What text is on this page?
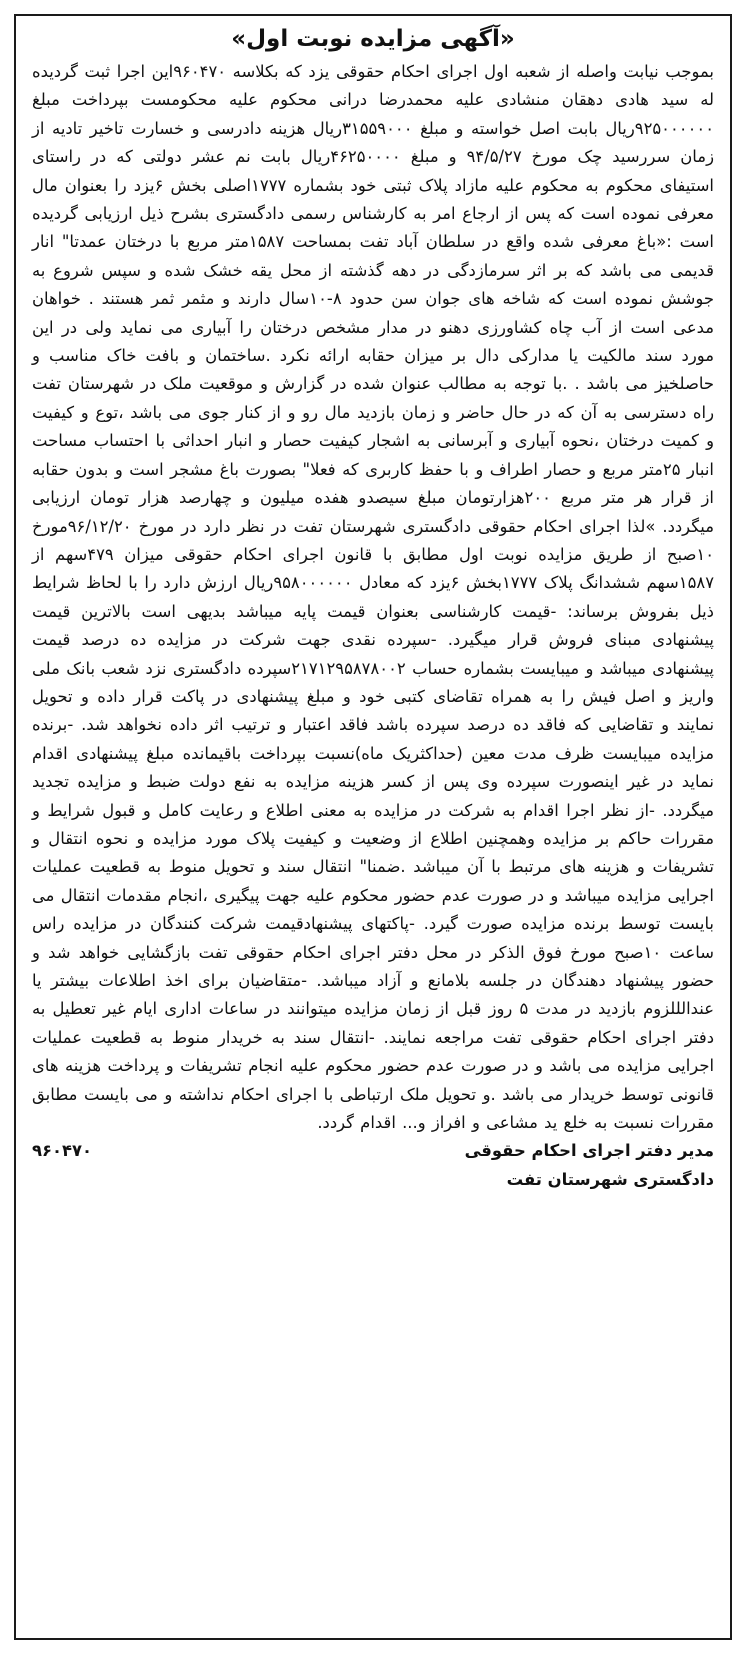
«آگهی مزایده نوبت اول»

بموجب نیابت واصله از شعبه اول اجرای احکام حقوقی یزد که بکلاسه ۹۶۰۴۷۰این اجرا ثبت گردیده له سید هادی دهقان منشادی علیه محمدرضا درانی محکوم علیه محکومست بپرداخت مبلغ ۹۲۵۰۰۰۰۰۰ریال بابت اصل خواسته و مبلغ ۳۱۵۵۹۰۰۰ریال هزینه دادرسی و خسارت تاخیر تادیه از زمان سررسید چک مورخ ۹۴/۵/۲۷ و مبلغ ۴۶۲۵۰۰۰۰ریال بابت نم عشر دولتی که در راستای استیفای محکوم به محکوم علیه مازاد پلاک ثبتی خود بشماره ۱۷۷۷اصلی بخش ۶یزد را بعنوان مال معرفی نموده است که پس از ارجاع امر به کارشناس رسمی دادگستری بشرح ذیل ارزیابی گردیده است :«باغ معرفی شده واقع در سلطان آباد تفت بمساحت ۱۵۸۷متر مربع با درختان عمدتا" انار قدیمی می باشد که بر اثر سرمازدگی در دهه گذشته از محل یقه خشک شده و سپس شروع به جوشش نموده است که شاخه های جوان سن حدود ۸-۱۰سال دارند و مثمر ثمر هستند . خواهان مدعی است از آب چاه کشاورزی دهنو در مدار مشخص درختان را آبیاری می نماید ولی در این مورد سند مالکیت یا مدارکی دال بر میزان حقابه ارائه نکرد .ساختمان و بافت خاک مناسب و حاصلخیز می باشد . .با توجه به مطالب عنوان شده در گزارش و موقعیت ملک در شهرستان تفت راه دسترسی به آن که در حال حاضر و زمان بازدید مال رو و از کنار جوی می باشد ،توع و کیفیت و کمیت درختان ،نحوه آبیاری و آبرسانی به اشجار کیفیت حصار و انبار احداثی با احتساب مساحت انبار ۲۵متر مربع و حصار اطراف و با حفظ کاربری که فعلا" بصورت باغ مشجر است و بدون حقابه از قرار هر متر مربع ۲۰۰هزارتومان مبلغ سیصدو هفده میلیون و چهارصد هزار تومان ارزیابی میگردد. »لذا اجرای احکام حقوقی دادگستری شهرستان تفت در نظر دارد در مورخ ۹۶/۱۲/۲۰مورخ ۱۰صبح از طریق مزایده نوبت اول مطابق با قانون اجرای احکام حقوقی میزان ۴۷۹سهم از ۱۵۸۷سهم ششدانگ پلاک ۱۷۷۷بخش ۶یزد که معادل ۹۵۸۰۰۰۰۰۰ریال ارزش دارد را با لحاظ شرایط ذیل بفروش برساند: -قیمت کارشناسی بعنوان قیمت پایه میباشد بدیهی است بالاترین قیمت پیشنهادی مبنای فروش قرار میگیرد. -سپرده نقدی جهت شرکت در مزایده ده درصد قیمت پیشنهادی میباشد و میبایست بشماره حساب ۲۱۷۱۲۹۵۸۷۸۰۰۲سپرده دادگستری نزد شعب بانک ملی واریز و اصل فیش را به همراه تقاضای کتبی خود و مبلغ پیشنهادی در پاکت قرار داده و تحویل نمایند و تقاضایی که فاقد ده درصد سپرده باشد فاقد اعتبار و ترتیب اثر داده نخواهد شد. -برنده مزایده میبایست ظرف مدت معین (حداکثریک ماه)نسبت بپرداخت باقیمانده مبلغ پیشنهادی اقدام نماید در غیر اینصورت سپرده وی پس از کسر هزینه مزایده به نفع دولت ضبط و مزایده تجدید میگردد. -از نظر اجرا اقدام به شرکت در مزایده به معنی اطلاع و رعایت کامل و قبول شرایط و مقررات حاکم بر مزایده وهمچنین اطلاع از وضعیت و کیفیت پلاک مورد مزایده و نحوه انتقال و تشریفات و هزینه های مرتبط با آن میباشد .ضمنا" انتقال سند و تحویل منوط به قطعیت عملیات اجرایی مزایده میباشد و در صورت عدم حضور محکوم علیه جهت پیگیری ،انجام مقدمات انتقال می بایست توسط برنده مزایده صورت گیرد. -پاکتهای پیشنهادقیمت شرکت کنندگان در مزایده راس ساعت ۱۰صبح مورخ فوق الذکر در محل دفتر اجرای احکام حقوقی تفت بازگشایی خواهد شد و حضور پیشنهاد دهندگان در جلسه بلامانع و آزاد میباشد. -متقاضیان برای اخذ اطلاعات بیشتر یا عندالللزوم بازدید در مدت ۵ روز قبل از زمان مزایده میتوانند در ساعات اداری ایام غیر تعطیل به دفتر اجرای احکام حقوقی تفت مراجعه نمایند. -انتقال سند به خریدار منوط به قطعیت عملیات اجرایی مزایده می باشد و در صورت عدم حضور محکوم علیه انجام تشریفات و پرداخت هزینه های قانونی توسط خریدار می باشد .و تحویل ملک ارتباطی با اجرای احکام نداشته و می بایست مطابق مقررات نسبت به خلع ید مشاعی و افراز و... اقدام گردد.

مدیر دفتر اجرای احکام حقوقی
۹۶۰۴۷۰
دادگستری شهرستان تفت
